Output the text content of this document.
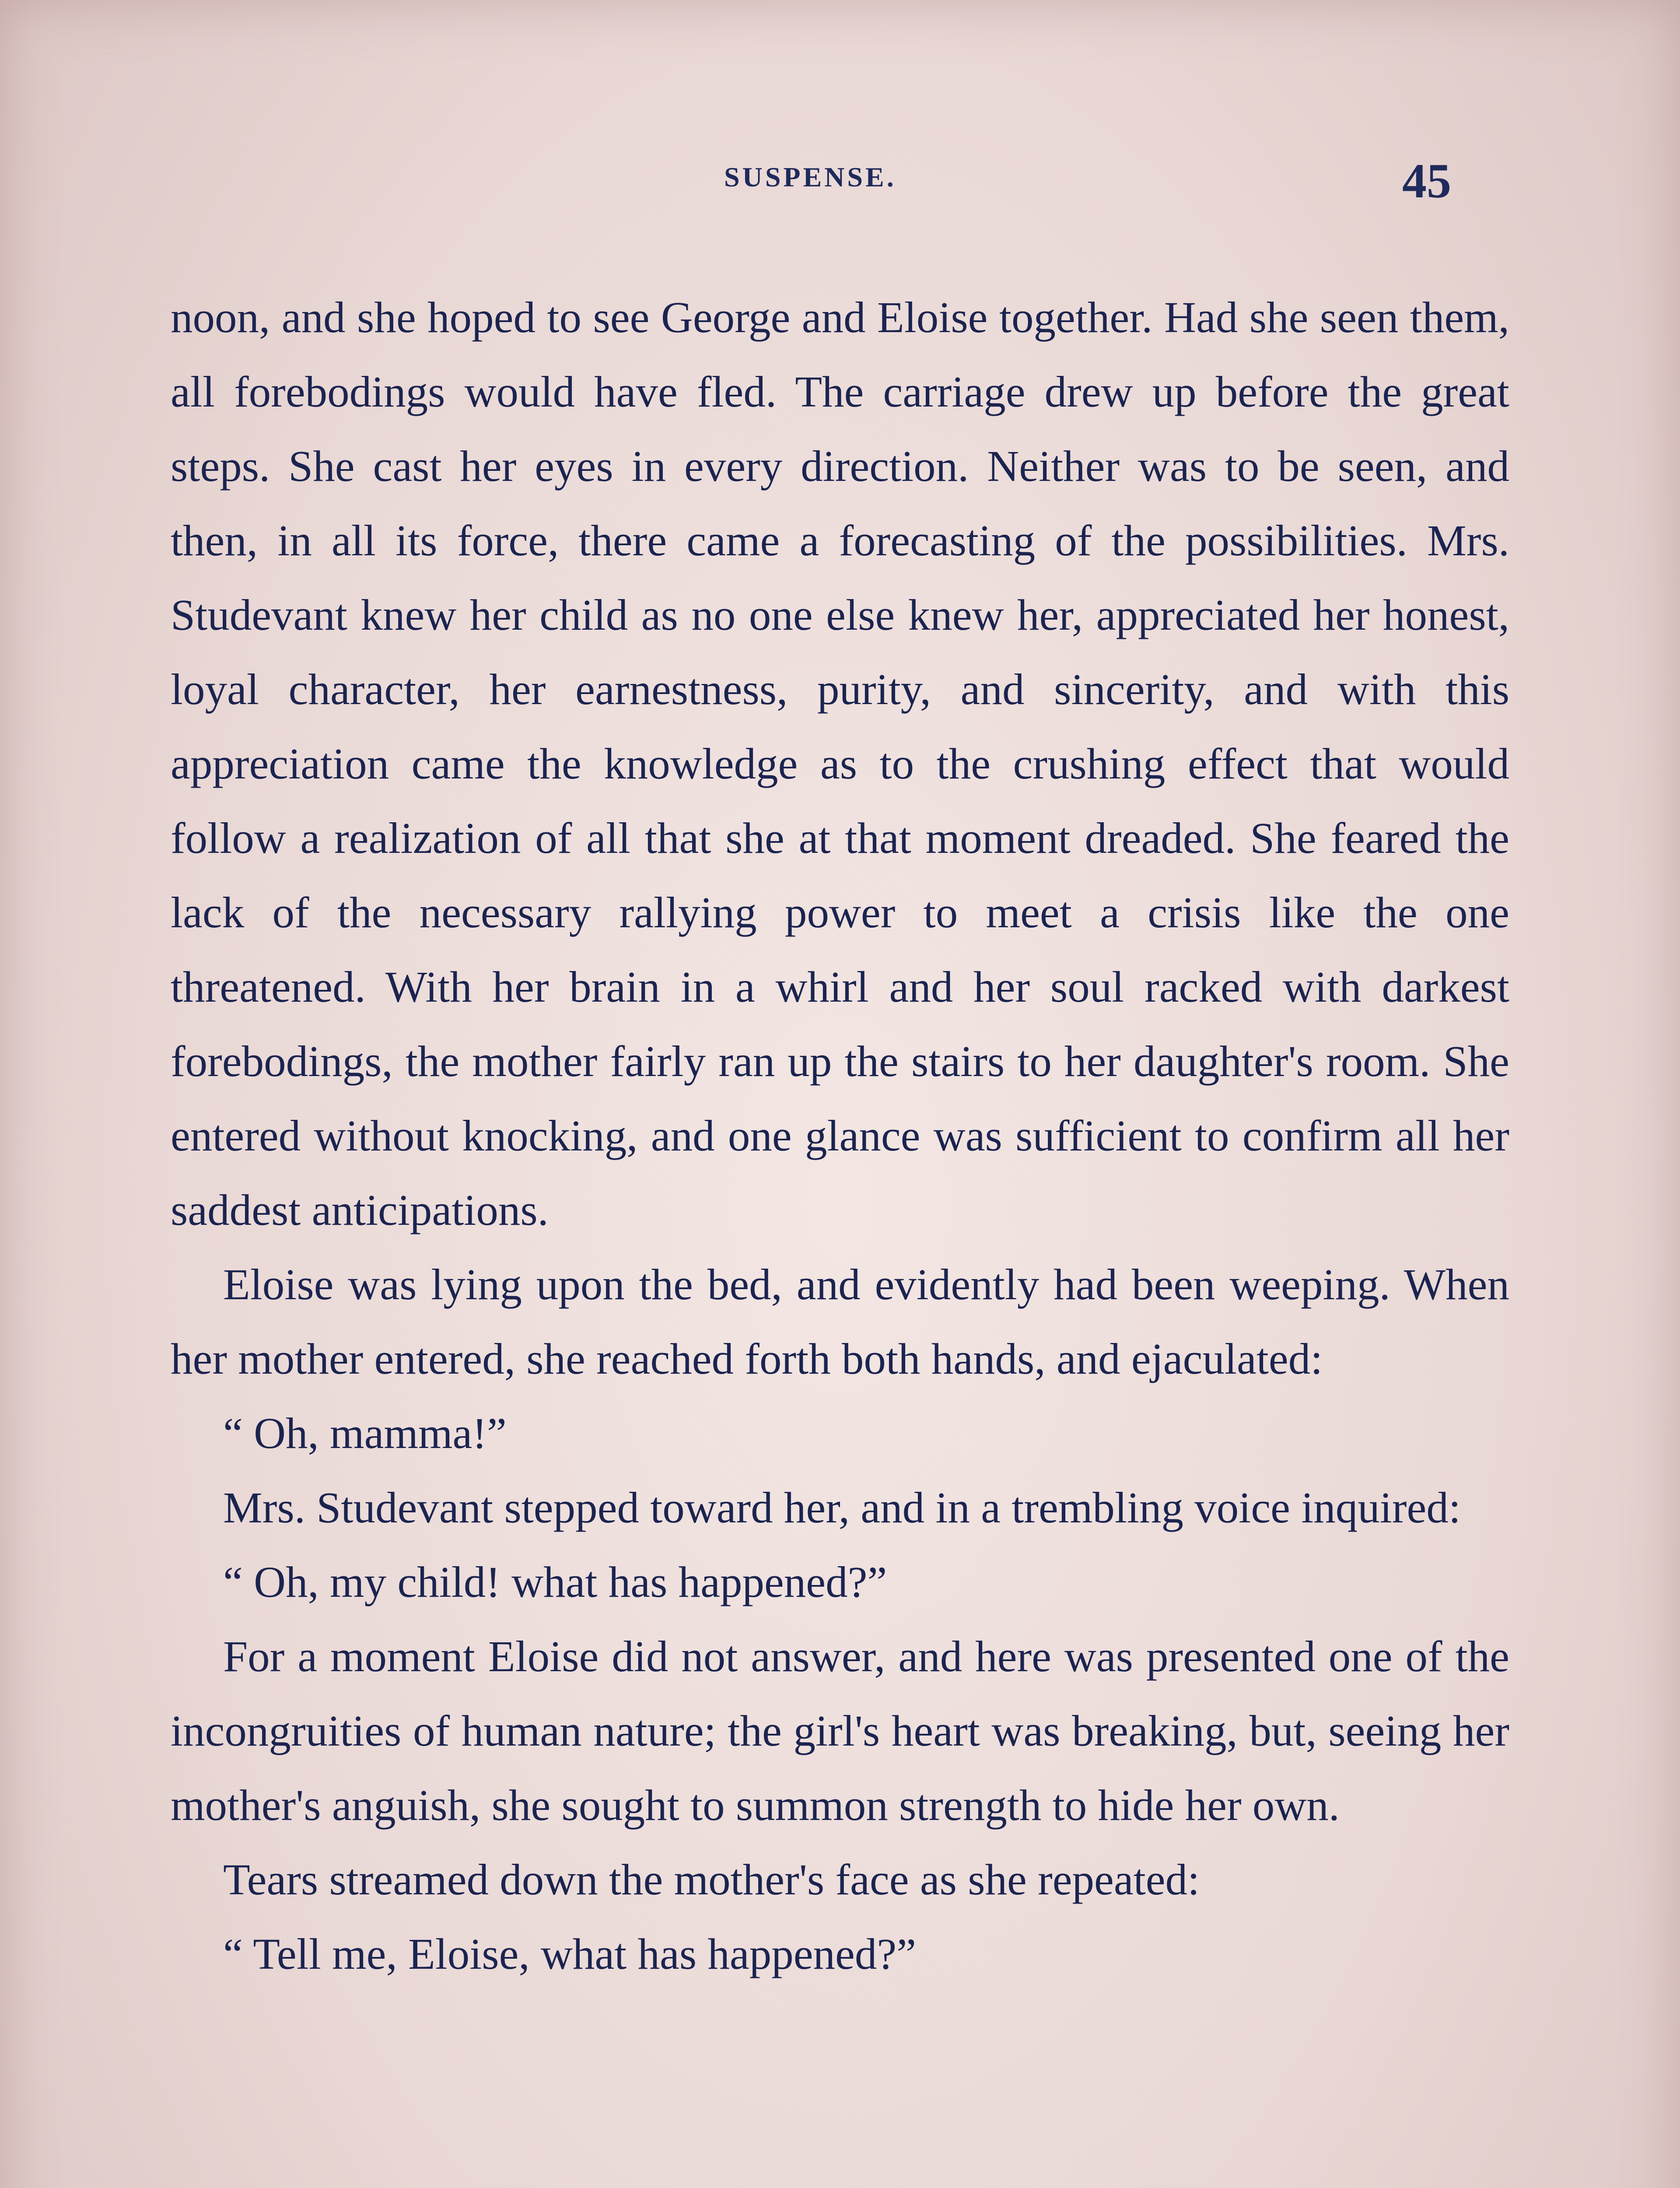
SUSPENSE.	45

noon, and she hoped to see George and Eloise together. Had she seen them, all forebodings would have fled. The carriage drew up before the great steps. She cast her eyes in every direction. Neither was to be seen, and then, in all its force, there came a forecasting of the possibilities. Mrs. Studevant knew her child as no one else knew her, appreciated her honest, loyal character, her earnestness, purity, and sincerity, and with this appreciation came the knowledge as to the crushing effect that would follow a realization of all that she at that moment dreaded. She feared the lack of the necessary rallying power to meet a crisis like the one threatened. With her brain in a whirl and her soul racked with darkest forebodings, the mother fairly ran up the stairs to her daughter's room. She entered without knocking, and one glance was sufficient to confirm all her saddest anticipations.

Eloise was lying upon the bed, and evidently had been weeping. When her mother entered, she reached forth both hands, and ejaculated:

“ Oh, mamma!”

Mrs. Studevant stepped toward her, and in a trembling voice inquired:

“ Oh, my child! what has happened?”

For a moment Eloise did not answer, and here was presented one of the incongruities of human nature; the girl's heart was breaking, but, seeing her mother's anguish, she sought to summon strength to hide her own.

Tears streamed down the mother's face as she repeated:

“ Tell me, Eloise, what has happened?”
